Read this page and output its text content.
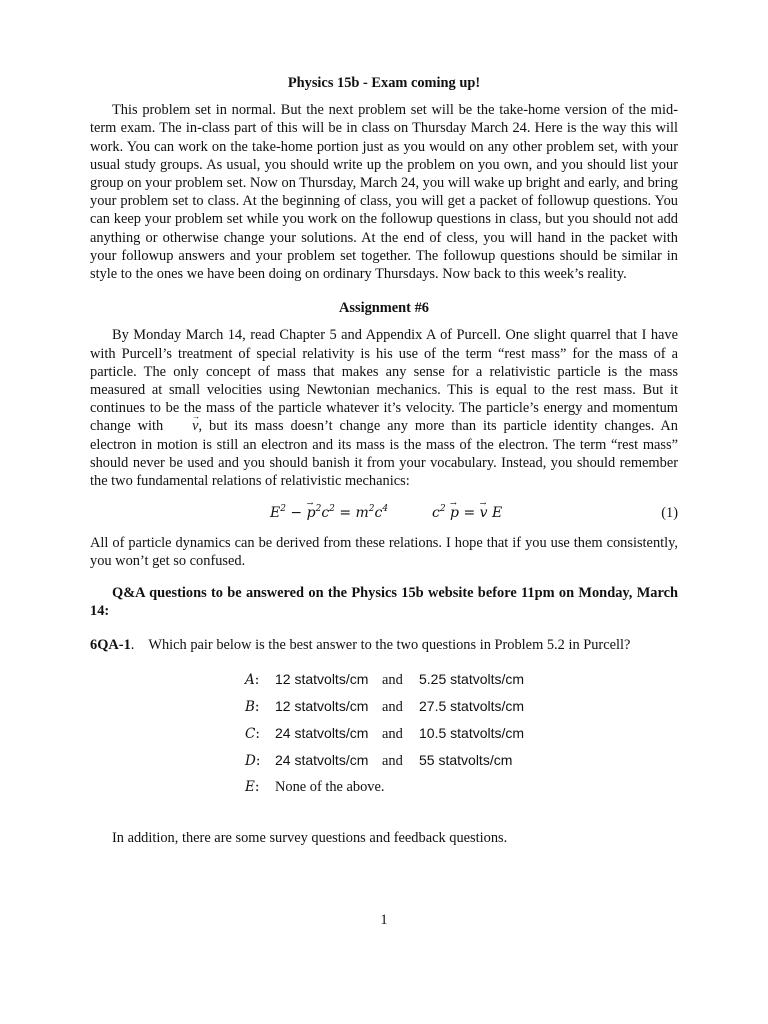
Physics 15b - Exam coming up!

This problem set in normal. But the next problem set will be the take-home version of the mid-term exam. The in-class part of this will be in class on Thursday March 24. Here is the way this will work. You can work on the take-home portion just as you would on any other problem set, with your usual study groups. As usual, you should write up the problem on you own, and you should list your group on your problem set. Now on Thursday, March 24, you will wake up bright and early, and bring your problem set to class. At the beginning of class, you will get a packet of followup questions. You can keep your problem set while you work on the followup questions in class, but you should not add anything or otherwise change your solutions. At the end of cless, you will hand in the packet with your followup answers and your problem set together. The followup questions should be similar in style to the ones we have been doing on ordinary Thursdays. Now back to this week’s reality.

Assignment #6

By Monday March 14, read Chapter 5 and Appendix A of Purcell. One slight quarrel that I have with Purcell’s treatment of special relativity is his use of the term “rest mass” for the mass of a particle. The only concept of mass that makes any sense for a relativistic particle is the mass measured at small velocities using Newtonian mechanics. This is equal to the rest mass. But it continues to be the mass of the particle whatever it’s velocity. The particle’s energy and momentum change with → v, but its mass doesn’t change any more than its particle identity changes. An electron in motion is still an electron and its mass is the mass of the electron. The term “rest mass” should never be used and you should banish it from your vocabulary. Instead, you should remember the two fundamental relations of relativistic mechanics:

$E^2$ − → $p^2c^2 = m^2c^4$	$c^2 \to p$ = → v E	(1)

All of particle dynamics can be derived from these relations. I hope that if you use them consistently, you won’t get so confused.

Q&A questions to be answered on the Physics 15b website before 11pm on Monday, March 14:

6QA-1. Which pair below is the best answer to the two questions in Problem 5.2 in Purcell?
A:	12 statvolts/cm and	5.25 statvolts/cm
B:	12 statvolts/cm and	27.5 statvolts/cm
C:	24 statvolts/cm and	10.5 statvolts/cm
D:	24 statvolts/cm and	55 statvolts/cm
E:	None of the above.

In addition, there are some survey questions and feedback questions.

1
